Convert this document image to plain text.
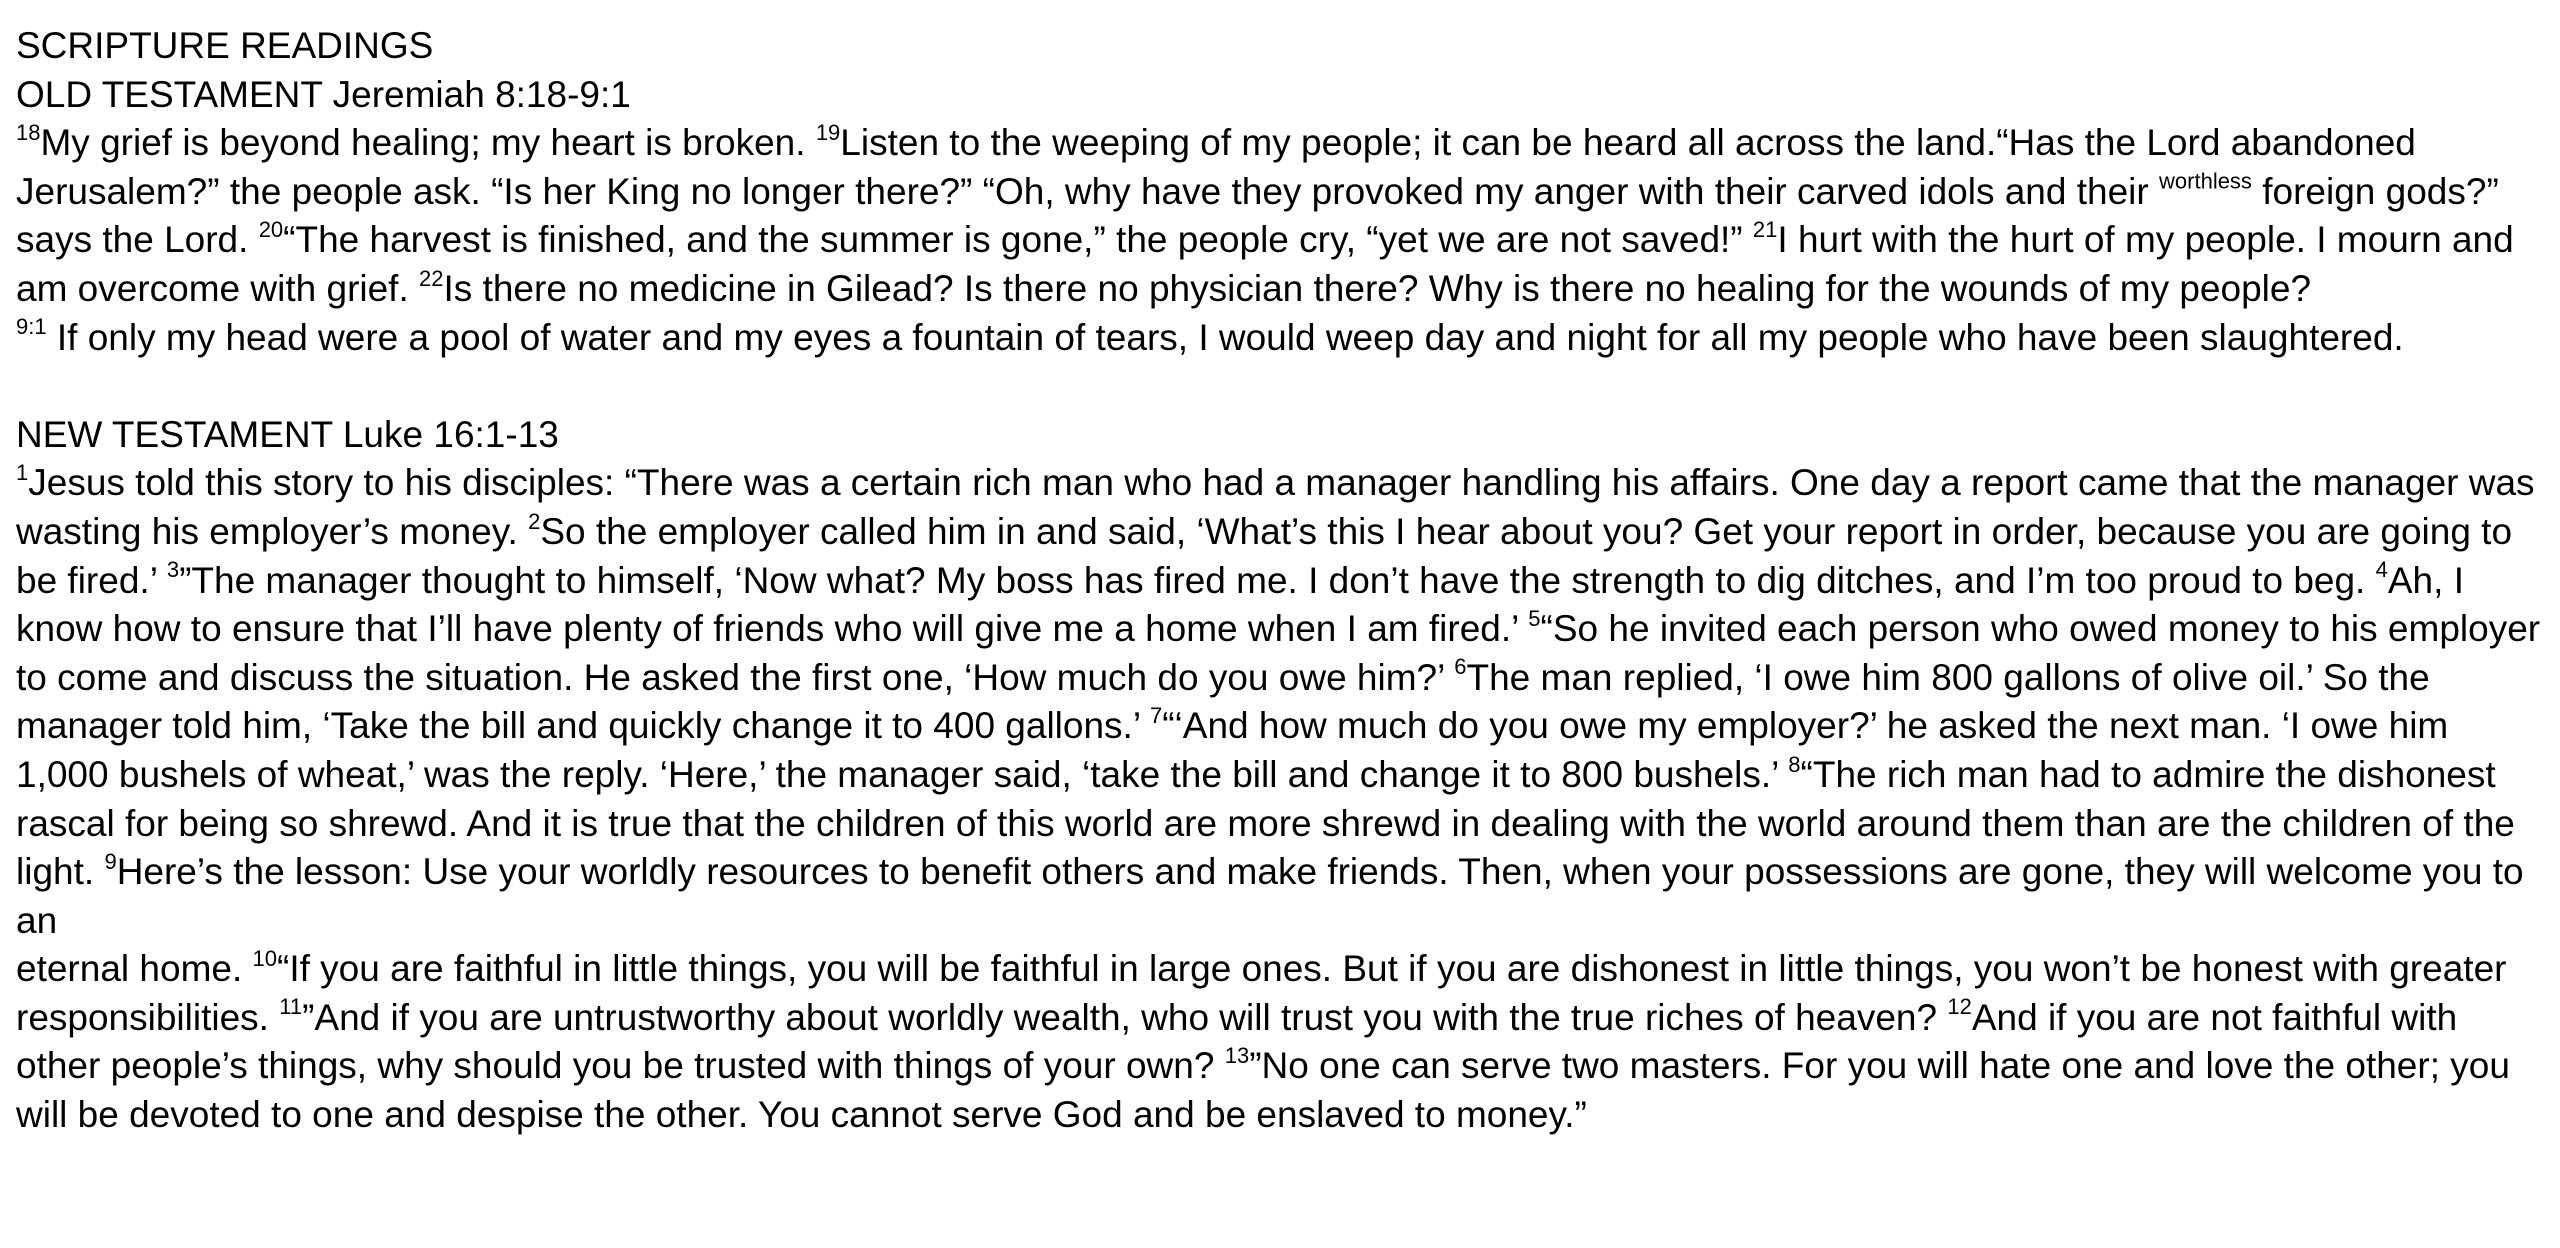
SCRIPTURE READINGS

OLD TESTAMENT Jeremiah 8:18-9:1

$^{18}$My grief is beyond healing; my heart is broken. $^{19}$Listen to the weeping of my people; it can be heard all across the land.“Has the Lord abandoned Jerusalem?” the people ask. “Is her King no longer there?” “Oh, why have they provoked my anger with their carved idols and their $^{worthless}$ foreign gods?” says the Lord. $^{20}$“The harvest is finished, and the summer is gone,” the people cry, “yet we are not saved!” $^{21}$I hurt with the hurt of my people. I mourn and am overcome with grief. $^{22}$Is there no medicine in Gilead? Is there no physician there? Why is there no healing for the wounds of my people?

$^{9:1}$ If only my head were a pool of water and my eyes a fountain of tears, I would weep day and night for all my people who have been slaughtered.

NEW TESTAMENT Luke 16:1-13

$^1$Jesus told this story to his disciples: “There was a certain rich man who had a manager handling his affairs. One day a report came that the manager was wasting his employer’s money. $^2$So the employer called him in and said, ‘What’s this I hear about you? Get your report in order, because you are going to be fired.’ $^3$”The manager thought to himself, ‘Now what? My boss has fired me. I don’t have the strength to dig ditches, and I’m too proud to beg. $^4$Ah, I know how to ensure that I’ll have plenty of friends who will give me a home when I am fired.’ $^5$“So he invited each person who owed money to his employer to come and discuss the situation. He asked the first one, ‘How much do you owe him?’ $^6$The man replied, ‘I owe him 800 gallons of olive oil.’ So the manager told him, ‘Take the bill and quickly change it to 400 gallons.’ $^7$“‘And how much do you owe my employer?’ he asked the next man. ‘I owe him 1,000 bushels of wheat,’ was the reply. ‘Here,’ the manager said, ‘take the bill and change it to 800 bushels.’ $^8$“The rich man had to admire the dishonest rascal for being so shrewd. And it is true that the children of this world are more shrewd in dealing with the world around them than are the children of the light. $^9$Here’s the lesson: Use your worldly resources to benefit others and make friends. Then, when your possessions are gone, they will welcome you to an

eternal home. $^{10}$“If you are faithful in little things, you will be faithful in large ones. But if you are dishonest in little things, you won’t be honest with greater responsibilities. $^{11}$”And if you are untrustworthy about worldly wealth, who will trust you with the true riches of heaven? $^{12}$And if you are not faithful with other people’s things, why should you be trusted with things of your own? $^{13}$”No one can serve two masters. For you will hate one and love the other; you will be devoted to one and despise the other. You cannot serve God and be enslaved to money.”
